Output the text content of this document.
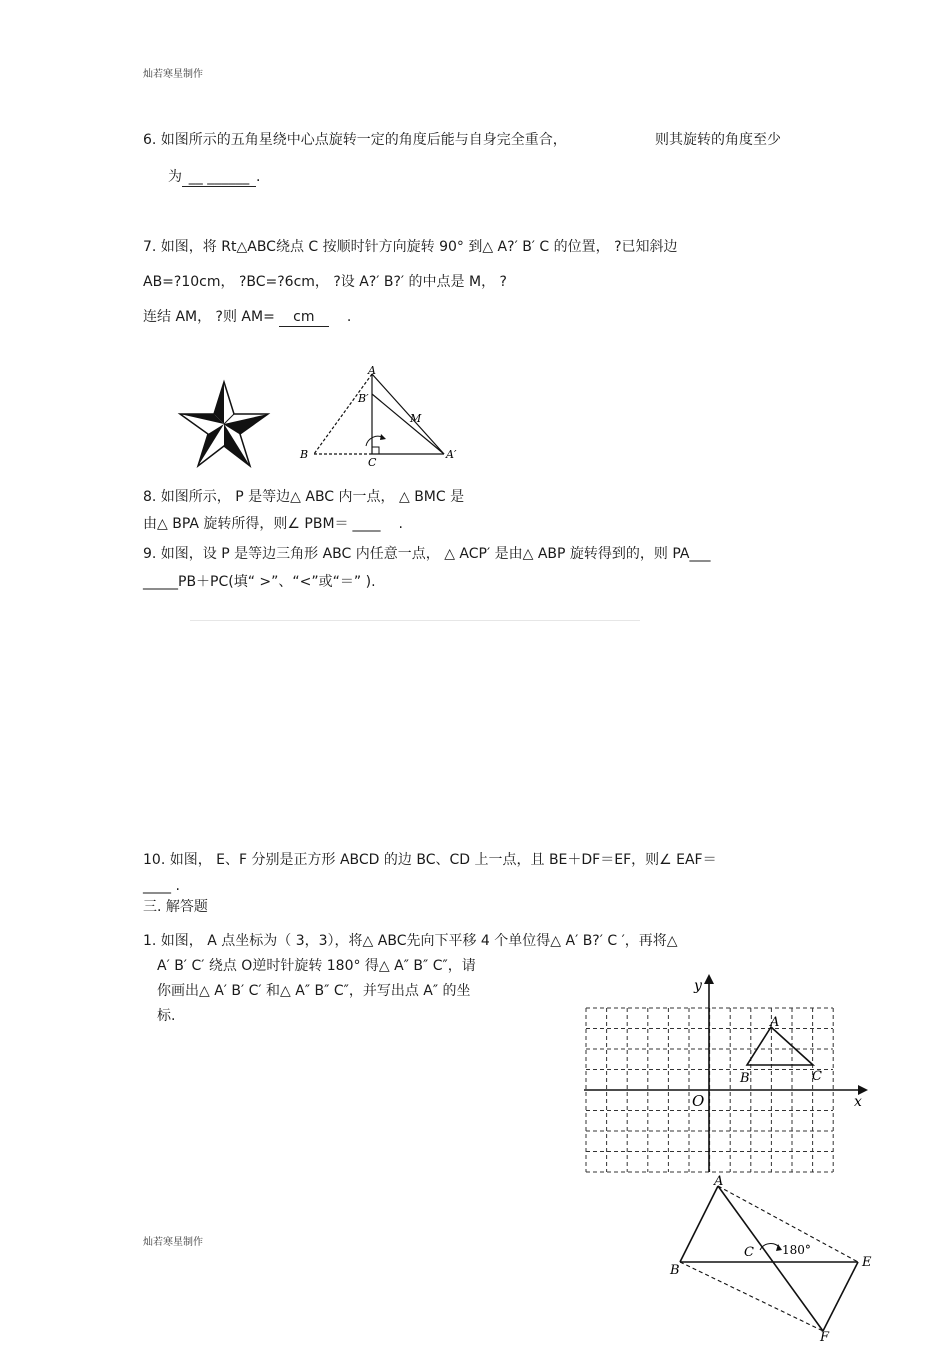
灿若寒星制作
6. 如图所示的五角星绕中心点旋转一定的角度后能与自身完全重合，	则其旋转的角度至少
为 __ ______ .
7. 如图，将 Rt△ABC绕点 C 按顺时针方向旋转 90° 到△ A?′ B′ C 的位置， ?已知斜边
AB=?10cm， ?BC=?6cm， ?设 A?′ B?′ 的中点是 M， ?
连结 AM， ?则 AM= cm .
A
B′
M
B
C
A′
8. 如图所示， P 是等边△ ABC 内一点， △ BMC 是
由△ BPA 旋转所得，则∠ PBM＝ ____ .
9. 如图，设 P 是等边三角形 ABC 内任意一点， △ ACP′ 是由△ ABP 旋转得到的，则 PA___
_____PB＋PC(填“ >”、“<”或“＝” ).
10. 如图， E、F 分别是正方形 ABCD 的边 BC、CD 上一点，且 BE＋DF＝EF，则∠ EAF＝
____ .
三. 解答题
1. 如图， A 点坐标为（ 3，3），将△ ABC先向下平移 4 个单位得△ A′ B?′ C ′，再将△
A′ B′ C′ 绕点 O逆时针旋转 180° 得△ A″ B″ C″，请
你画出△ A′ B′ C′ 和△ A″ B″ C″，并写出点 A″ 的坐
标.
y
x
O
A
B	C
A
B
C
E
F
180°
灿若寒星制作
